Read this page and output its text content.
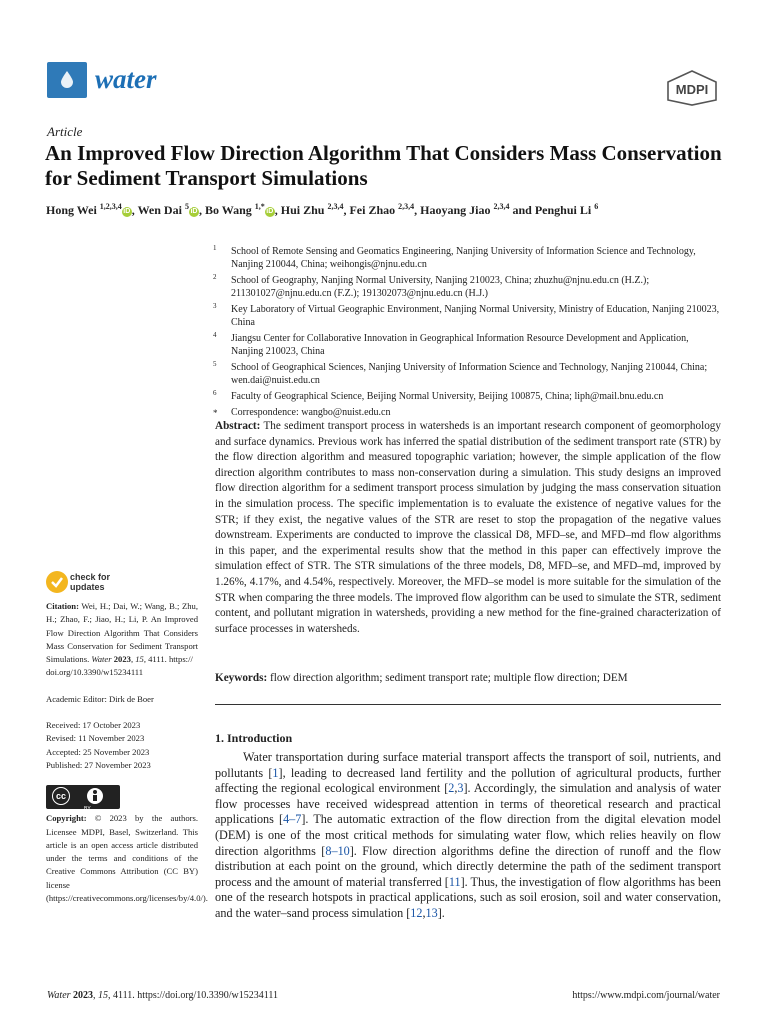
water	MDPI
Article
An Improved Flow Direction Algorithm That Considers Mass Conservation for Sediment Transport Simulations
Hong Wei $^{1,2,3,4}$iD , Wen Dai $^5$iD , Bo Wang $^{1,*}$iD , Hui Zhu $^{2,3,4}$, Fei Zhao $^{2,3,4}$, Haoyang Jiao $^{2,3,4}$ and Penghui Li $^6$
1 School of Remote Sensing and Geomatics Engineering, Nanjing University of Information Science and Technology, Nanjing 210044, China; weihongis@njnu.edu.cn
2 School of Geography, Nanjing Normal University, Nanjing 210023, China; zhuzhu@njnu.edu.cn (H.Z.); 211301027@njnu.edu.cn (F.Z.); 191302073@njnu.edu.cn (H.J.)
3 Key Laboratory of Virtual Geographic Environment, Nanjing Normal University, Ministry of Education, Nanjing 210023, China
4 Jiangsu Center for Collaborative Innovation in Geographical Information Resource Development and Application, Nanjing 210023, China
5 School of Geographical Sciences, Nanjing University of Information Science and Technology, Nanjing 210044, China; wen.dai@nuist.edu.cn
6 Faculty of Geographical Science, Beijing Normal University, Beijing 100875, China; liph@mail.bnu.edu.cn
* Correspondence: wangbo@nuist.edu.cn
Abstract: The sediment transport process in watersheds is an important research component of geomorphology and surface dynamics. Previous work has inferred the spatial distribution of the sediment transport rate (STR) by the flow direction algorithm and measured topographic variation; however, the simple application of the flow direction algorithm contributes to mass non-conservation during a simulation. This study designs an improved flow direction algorithm for a sediment transport process simulation by judging the mass conservation situation in the simulation process. The specific implementation is to evaluate the existence of negative values for the STR; if they exist, the negative values of the STR are reset to stop the propagation of the negative values downstream. Experiments are conducted to improve the classical D8, MFD–se, and MFD–md flow algorithms in this paper, and the experimental results show that the method in this paper can effectively improve the simulation effect of STR. The STR simulations of the three models, D8, MFD–se, and MFD–md, improved by 1.26%, 4.17%, and 4.54%, respectively. Moreover, the MFD–se model is more suitable for the simulation of the STR when comparing the three models. The improved flow algorithm can be used to simulate the STR, sediment content, and pollutant migration in watersheds, providing a new method for the fine-grained characterization of surface processes in watersheds.
Keywords: flow direction algorithm; sediment transport rate; multiple flow direction; DEM
1. Introduction

Water transportation during surface material transport affects the transport of soil, nutrients, and pollutants [1], leading to decreased land fertility and the pollution of agricultural products, further affecting the regional ecological environment [2,3]. Accordingly, the simulation and analysis of water flow processes have received widespread attention in terms of theoretical research and practical applications [4–7]. The automatic extraction of the flow direction from the digital elevation model (DEM) is one of the most critical methods for simulating water flow, which relies heavily on flow direction algorithms [8–10]. Flow direction algorithms define the direction of runoff and the flow distribution at each point on the ground, which directly determine the path of the sediment transport process and the amount of material transferred [11]. Thus, the investigation of flow algorithms has been one of the research hotspots in practical applications, such as soil erosion, soil and water conservation, and the water–sand process simulation [12,13].

check for
updates
Citation: Wei, H.; Dai, W.; Wang, B.; Zhu, H.; Zhao, F.; Jiao, H.; Li, P. An Improved Flow Direction Algorithm That Considers Mass Conservation for Sediment Transport Simulations. Water 2023, 15, 4111. https://
doi.org/10.3390/w15234111
Academic Editor: Dirk de Boer
Received: 17 October 2023
Revised: 11 November 2023
Accepted: 25 November 2023
Published: 27 November 2023
cc
BY
Copyright: © 2023 by the authors. Licensee MDPI, Basel, Switzerland. This article is an open access article distributed under the terms and conditions of the Creative Commons Attribution (CC BY) license (https://creativecommons.org/licenses/by/4.0/).
Water 2023, 15, 4111. https://doi.org/10.3390/w15234111	https://www.mdpi.com/journal/water
